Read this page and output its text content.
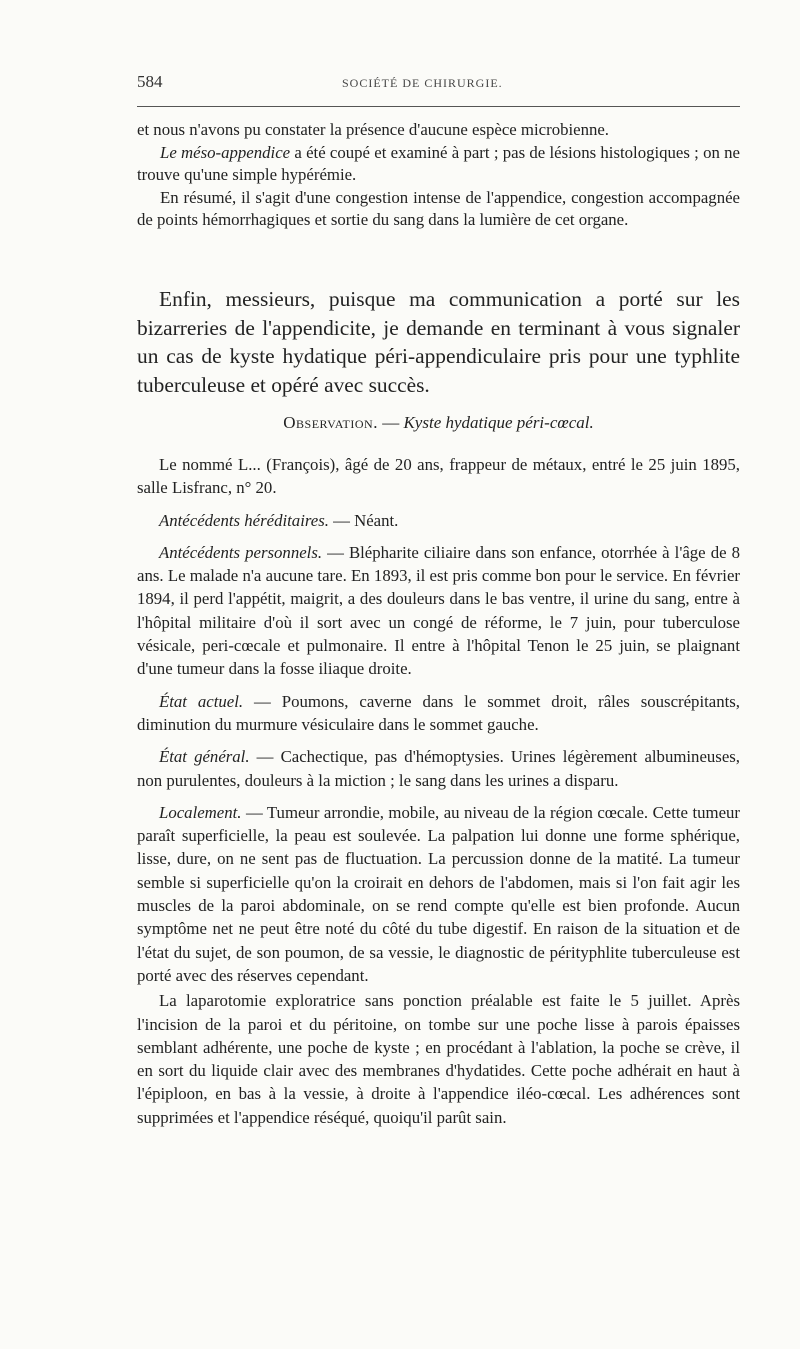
584	SOCIÉTÉ DE CHIRURGIE.

et nous n'avons pu constater la présence d'aucune espèce microbienne.

Le méso-appendice a été coupé et examiné à part ; pas de lésions histologiques ; on ne trouve qu'une simple hypérémie.

En résumé, il s'agit d'une congestion intense de l'appendice, congestion accompagnée de points hémorrhagiques et sortie du sang dans la lumière de cet organe.

Enfin, messieurs, puisque ma communication a porté sur les bizarreries de l'appendicite, je demande en terminant à vous signaler un cas de kyste hydatique péri-appendiculaire pris pour une typhlite tuberculeuse et opéré avec succès.

Observation. — Kyste hydatique péri-cœcal.

Le nommé L... (François), âgé de 20 ans, frappeur de métaux, entré le 25 juin 1895, salle Lisfranc, n° 20.

Antécédents héréditaires. — Néant.

Antécédents personnels. — Blépharite ciliaire dans son enfance, otorrhée à l'âge de 8 ans. Le malade n'a aucune tare. En 1893, il est pris comme bon pour le service. En février 1894, il perd l'appétit, maigrit, a des douleurs dans le bas ventre, il urine du sang, entre à l'hôpital militaire d'où il sort avec un congé de réforme, le 7 juin, pour tuberculose vésicale, peri-cœcale et pulmonaire. Il entre à l'hôpital Tenon le 25 juin, se plaignant d'une tumeur dans la fosse iliaque droite.

État actuel. — Poumons, caverne dans le sommet droit, râles souscrépitants, diminution du murmure vésiculaire dans le sommet gauche.

État général. — Cachectique, pas d'hémoptysies. Urines légèrement albumineuses, non purulentes, douleurs à la miction ; le sang dans les urines a disparu.

Localement. — Tumeur arrondie, mobile, au niveau de la région cœcale. Cette tumeur paraît superficielle, la peau est soulevée. La palpation lui donne une forme sphérique, lisse, dure, on ne sent pas de fluctuation. La percussion donne de la matité. La tumeur semble si superficielle qu'on la croirait en dehors de l'abdomen, mais si l'on fait agir les muscles de la paroi abdominale, on se rend compte qu'elle est bien profonde. Aucun symptôme net ne peut être noté du côté du tube digestif. En raison de la situation et de l'état du sujet, de son poumon, de sa vessie, le diagnostic de pérityphlite tuberculeuse est porté avec des réserves cependant.

La laparotomie exploratrice sans ponction préalable est faite le 5 juillet. Après l'incision de la paroi et du péritoine, on tombe sur une poche lisse à parois épaisses semblant adhérente, une poche de kyste ; en procédant à l'ablation, la poche se crève, il en sort du liquide clair avec des membranes d'hydatides. Cette poche adhérait en haut à l'épiploon, en bas à la vessie, à droite à l'appendice iléo-cœcal. Les adhérences sont supprimées et l'appendice réséqué, quoiqu'il parût sain.
